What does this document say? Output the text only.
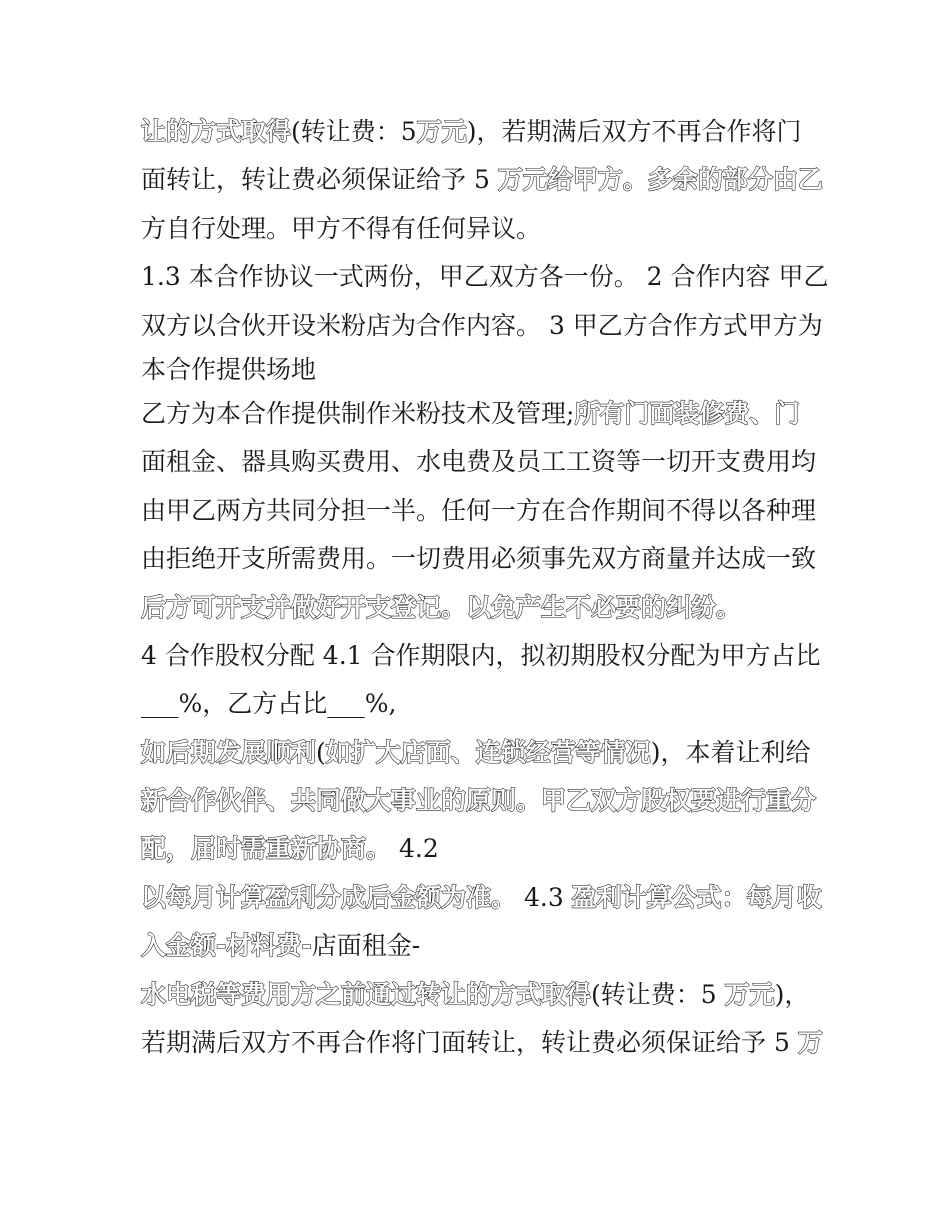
让的方式取得(转让费：5万元)，若期满后双方不再合作将门
面转让，转让费必须保证给予 5 万元给甲方。多余的部分由乙
方自行处理。甲方不得有任何异议。
1.3 本合作协议一式两份，甲乙双方各一份。 2 合作内容 甲乙
双方以合伙开设米粉店为合作内容。 3 甲乙方合作方式甲方为
本合作提供场地
乙方为本合作提供制作米粉技术及管理;所有门面装修费、门
面租金、器具购买费用、水电费及员工工资等一切开支费用均
由甲乙两方共同分担一半。任何一方在合作期间不得以各种理
由拒绝开支所需费用。一切费用必须事先双方商量并达成一致
后方可开支并做好开支登记。以免产生不必要的纠纷。
4 合作股权分配 4.1 合作期限内，拟初期股权分配为甲方占比
___%，乙方占比___%,
如后期发展顺利(如扩大店面、连锁经营等情况)，本着让利给
新合作伙伴、共同做大事业的原则。甲乙双方股权要进行重分
配，届时需重新协商。 4.2
以每月计算盈利分成后金额为准。 4.3 盈利计算公式：每月收
入金额-材料费-店面租金-
水电税等费用方之前通过转让的方式取得(转让费：5 万元)，
若期满后双方不再合作将门面转让，转让费必须保证给予 5 万
